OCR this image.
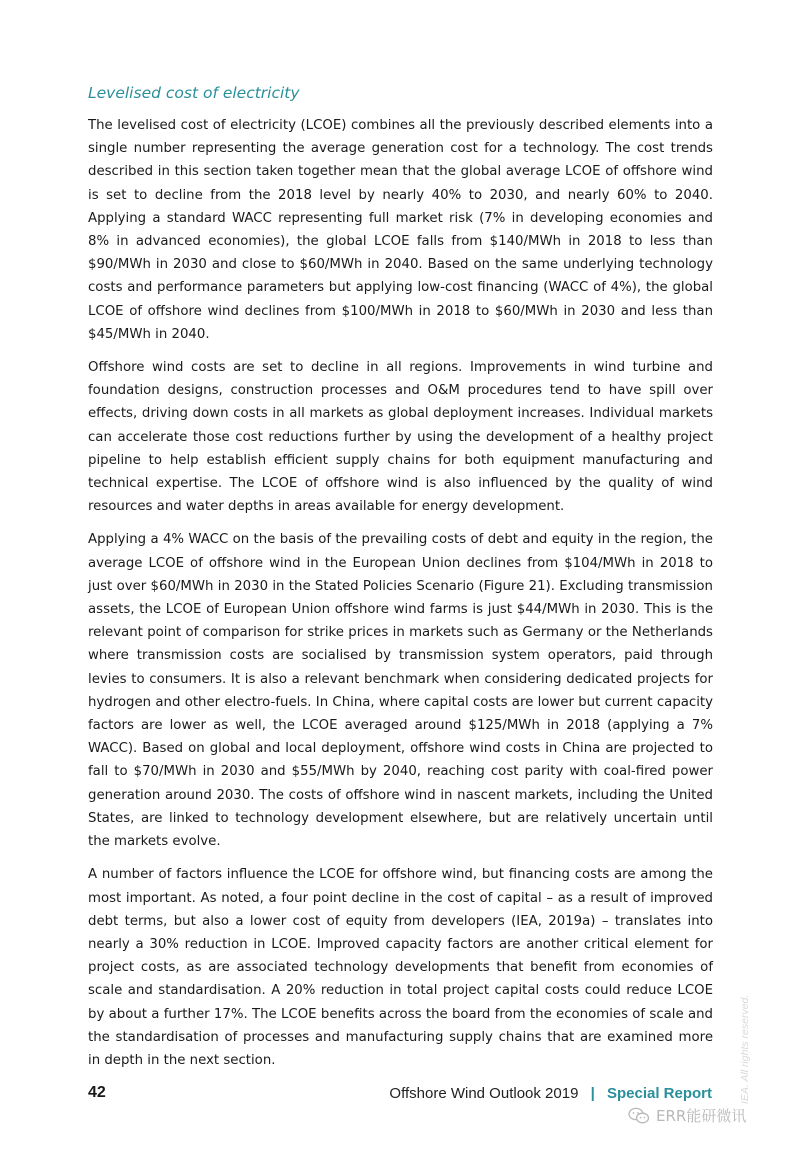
Levelised cost of electricity

The levelised cost of electricity (LCOE) combines all the previously described elements into a single number representing the average generation cost for a technology. The cost trends described in this section taken together mean that the global average LCOE of offshore wind is set to decline from the 2018 level by nearly 40% to 2030, and nearly 60% to 2040. Applying a standard WACC representing full market risk (7% in developing economies and 8% in advanced economies), the global LCOE falls from $140/MWh in 2018 to less than $90/MWh in 2030 and close to $60/MWh in 2040. Based on the same underlying technology costs and performance parameters but applying low-cost financing (WACC of 4%), the global LCOE of offshore wind declines from $100/MWh in 2018 to $60/MWh in 2030 and less than $45/MWh in 2040.

Offshore wind costs are set to decline in all regions. Improvements in wind turbine and foundation designs, construction processes and O&M procedures tend to have spill over effects, driving down costs in all markets as global deployment increases. Individual markets can accelerate those cost reductions further by using the development of a healthy project pipeline to help establish efficient supply chains for both equipment manufacturing and technical expertise. The LCOE of offshore wind is also influenced by the quality of wind resources and water depths in areas available for energy development.

Applying a 4% WACC on the basis of the prevailing costs of debt and equity in the region, the average LCOE of offshore wind in the European Union declines from $104/MWh in 2018 to just over $60/MWh in 2030 in the Stated Policies Scenario (Figure 21). Excluding transmission assets, the LCOE of European Union offshore wind farms is just $44/MWh in 2030. This is the relevant point of comparison for strike prices in markets such as Germany or the Netherlands where transmission costs are socialised by transmission system operators, paid through levies to consumers. It is also a relevant benchmark when considering dedicated projects for hydrogen and other electro-fuels. In China, where capital costs are lower but current capacity factors are lower as well, the LCOE averaged around $125/MWh in 2018 (applying a 7% WACC). Based on global and local deployment, offshore wind costs in China are projected to fall to $70/MWh in 2030 and $55/MWh by 2040, reaching cost parity with coal-fired power generation around 2030. The costs of offshore wind in nascent markets, including the United States, are linked to technology development elsewhere, but are relatively uncertain until the markets evolve.

A number of factors influence the LCOE for offshore wind, but financing costs are among the most important. As noted, a four point decline in the cost of capital – as a result of improved debt terms, but also a lower cost of equity from developers (IEA, 2019a) – translates into nearly a 30% reduction in LCOE. Improved capacity factors are another critical element for project costs, as are associated technology developments that benefit from economies of scale and standardisation. A 20% reduction in total project capital costs could reduce LCOE by about a further 17%. The LCOE benefits across the board from the economies of scale and the standardisation of processes and manufacturing supply chains that are examined more in depth in the next section.

42	Offshore Wind Outlook 2019 | Special Report	IEA. All rights reserved.
ERR能研微讯
